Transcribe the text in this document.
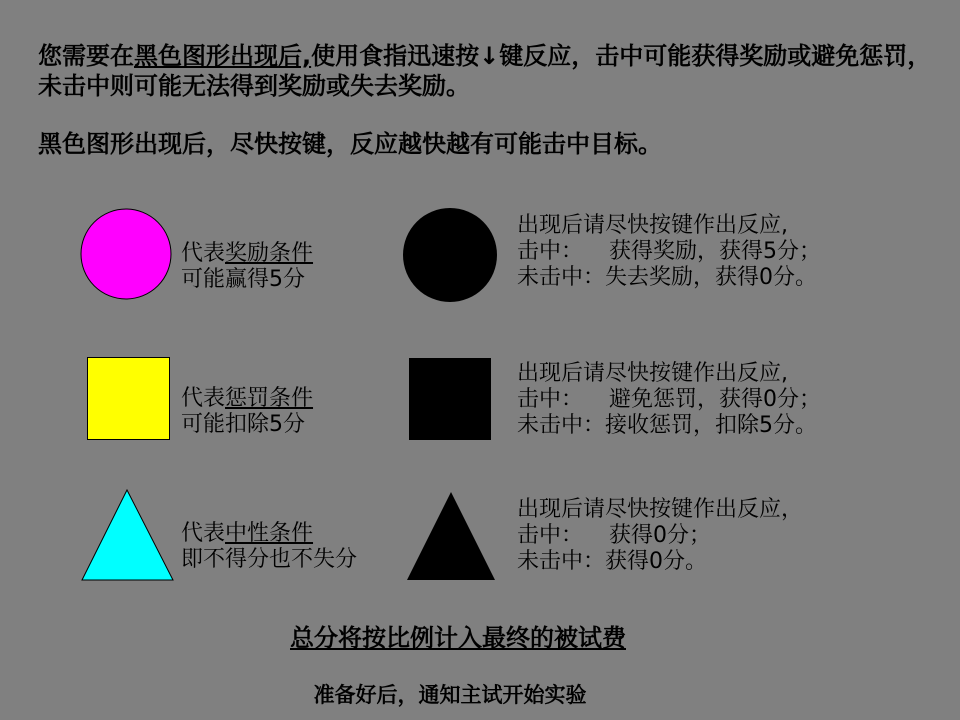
您需要在黑色图形出现后,使用食指迅速按↓键反应，击中可能获得奖励或避免惩罚，未击中则可能无法得到奖励或失去奖励。
黑色图形出现后，尽快按键，反应越快越有可能击中目标。
代表奖励条件
可能赢得5分
出现后请尽快按键作出反应,
击中： 获得奖励，获得5分；
未击中：失去奖励，获得0分。
代表惩罚条件
可能扣除5分
出现后请尽快按键作出反应,
击中： 避免惩罚，获得0分；
未击中：接收惩罚，扣除5分。
代表中性条件
即不得分也不失分
出现后请尽快按键作出反应，
击中： 获得0分；
未击中：获得0分。
总分将按比例计入最终的被试费
准备好后，通知主试开始实验
